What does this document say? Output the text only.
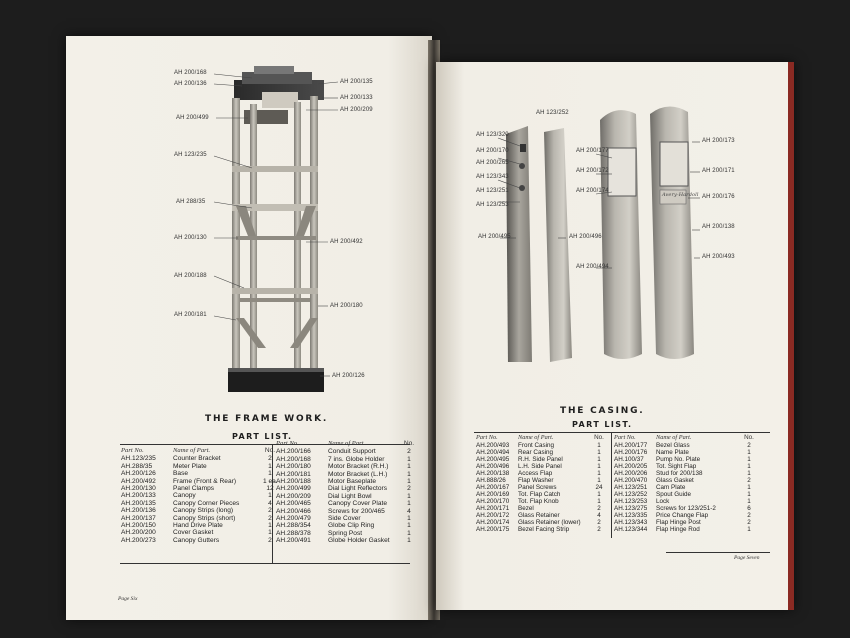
AH 200/168
AH 200/136
AH 200/499
AH 123/235
AH 288/35
AH 200/130
AH 200/188
AH 200/181
AH 200/135
AH 200/133
AH 200/209
AH 200/492
AH 200/180
AH 200/126
THE FRAME WORK.
PART LIST.
Part No.	Name of Part.	No.
AH.123/235	Counter Bracket	2
AH.288/35	Meter Plate	1
AH.200/126	Base	1
AH.200/492	Frame (Front & Rear)	1 ea.
AH.200/130	Panel Clamps	12
AH.200/133	Canopy	1
AH.200/135	Canopy Corner Pieces	4
AH.200/136	Canopy Strips (long)	2
AH.200/137	Canopy Strips (short)	2
AH.200/150	Hand Drive Plate	1
AH.200/200	Cover Gasket	1
AH.200/273	Canopy Gutters	2
Part No.	Name of Part.	No.
AH.200/166	Conduit Support	2
AH.200/168	7 ins. Globe Holder	1
AH.200/180	Motor Bracket (R.H.)	1
AH.200/181	Motor Bracket (L.H.)	1
AH.200/188	Motor Baseplate	1
AH.200/499	Dial Light Reflectors	2
AH.200/209	Dial Light Bowl	1
AH.200/465	Canopy Cover Plate	1
AH.200/466	Screws for 200/465	4
AH.200/479	Side Cover	1
AH.288/354	Globe Clip Ring	1
AH.288/378	Spring Post	1
AH.200/491	Globe Holder Gasket	1
Page Six
Avery-Hardoll
AH 123/252
AH 123/320
AH 200/170
AH 200/265
AH 123/343
AH 123/251
AH 123/253
AH 200/495	AH 200/496
AH 200/177
AH 200/172
AH 200/174
AH 200/494
AH 200/173
AH 200/171
AH 200/176
AH 200/138
AH 200/493
THE CASING.
PART LIST.
Part No.	Name of Part.	No.
AH.200/493	Front Casing	1
AH.200/494	Rear Casing	1
AH.200/495	R.H. Side Panel	1
AH.200/496	L.H. Side Panel	1
AH.200/138	Access Flap	1
AH.888/26	Flap Washer	1
AH.200/167	Panel Screws	24
AH.200/169	Tot. Flap Catch	1
AH.200/170	Tot. Flap Knob	1
AH.200/171	Bezel	2
AH.200/172	Glass Retainer	4
AH.200/174	Glass Retainer (lower)	2
AH.200/175	Bezel Facing Strip	2
Part No.	Name of Part.	No.
AH.200/177	Bezel Glass	2
AH.200/176	Name Plate	1
AH.100/37	Pump No. Plate	1
AH.200/205	Tot. Sight Flap	1
AH.200/206	Stud for 200/138	1
AH.200/470	Glass Gasket	2
AH.123/251	Cam Plate	1
AH.123/252	Spout Guide	1
AH.123/253	Lock	1
AH.123/275	Screws for 123/251-2	6
AH.123/335	Price Change Flap	2
AH.123/343	Flap Hinge Post	2
AH.123/344	Flap Hinge Rod	1
Page Seven
